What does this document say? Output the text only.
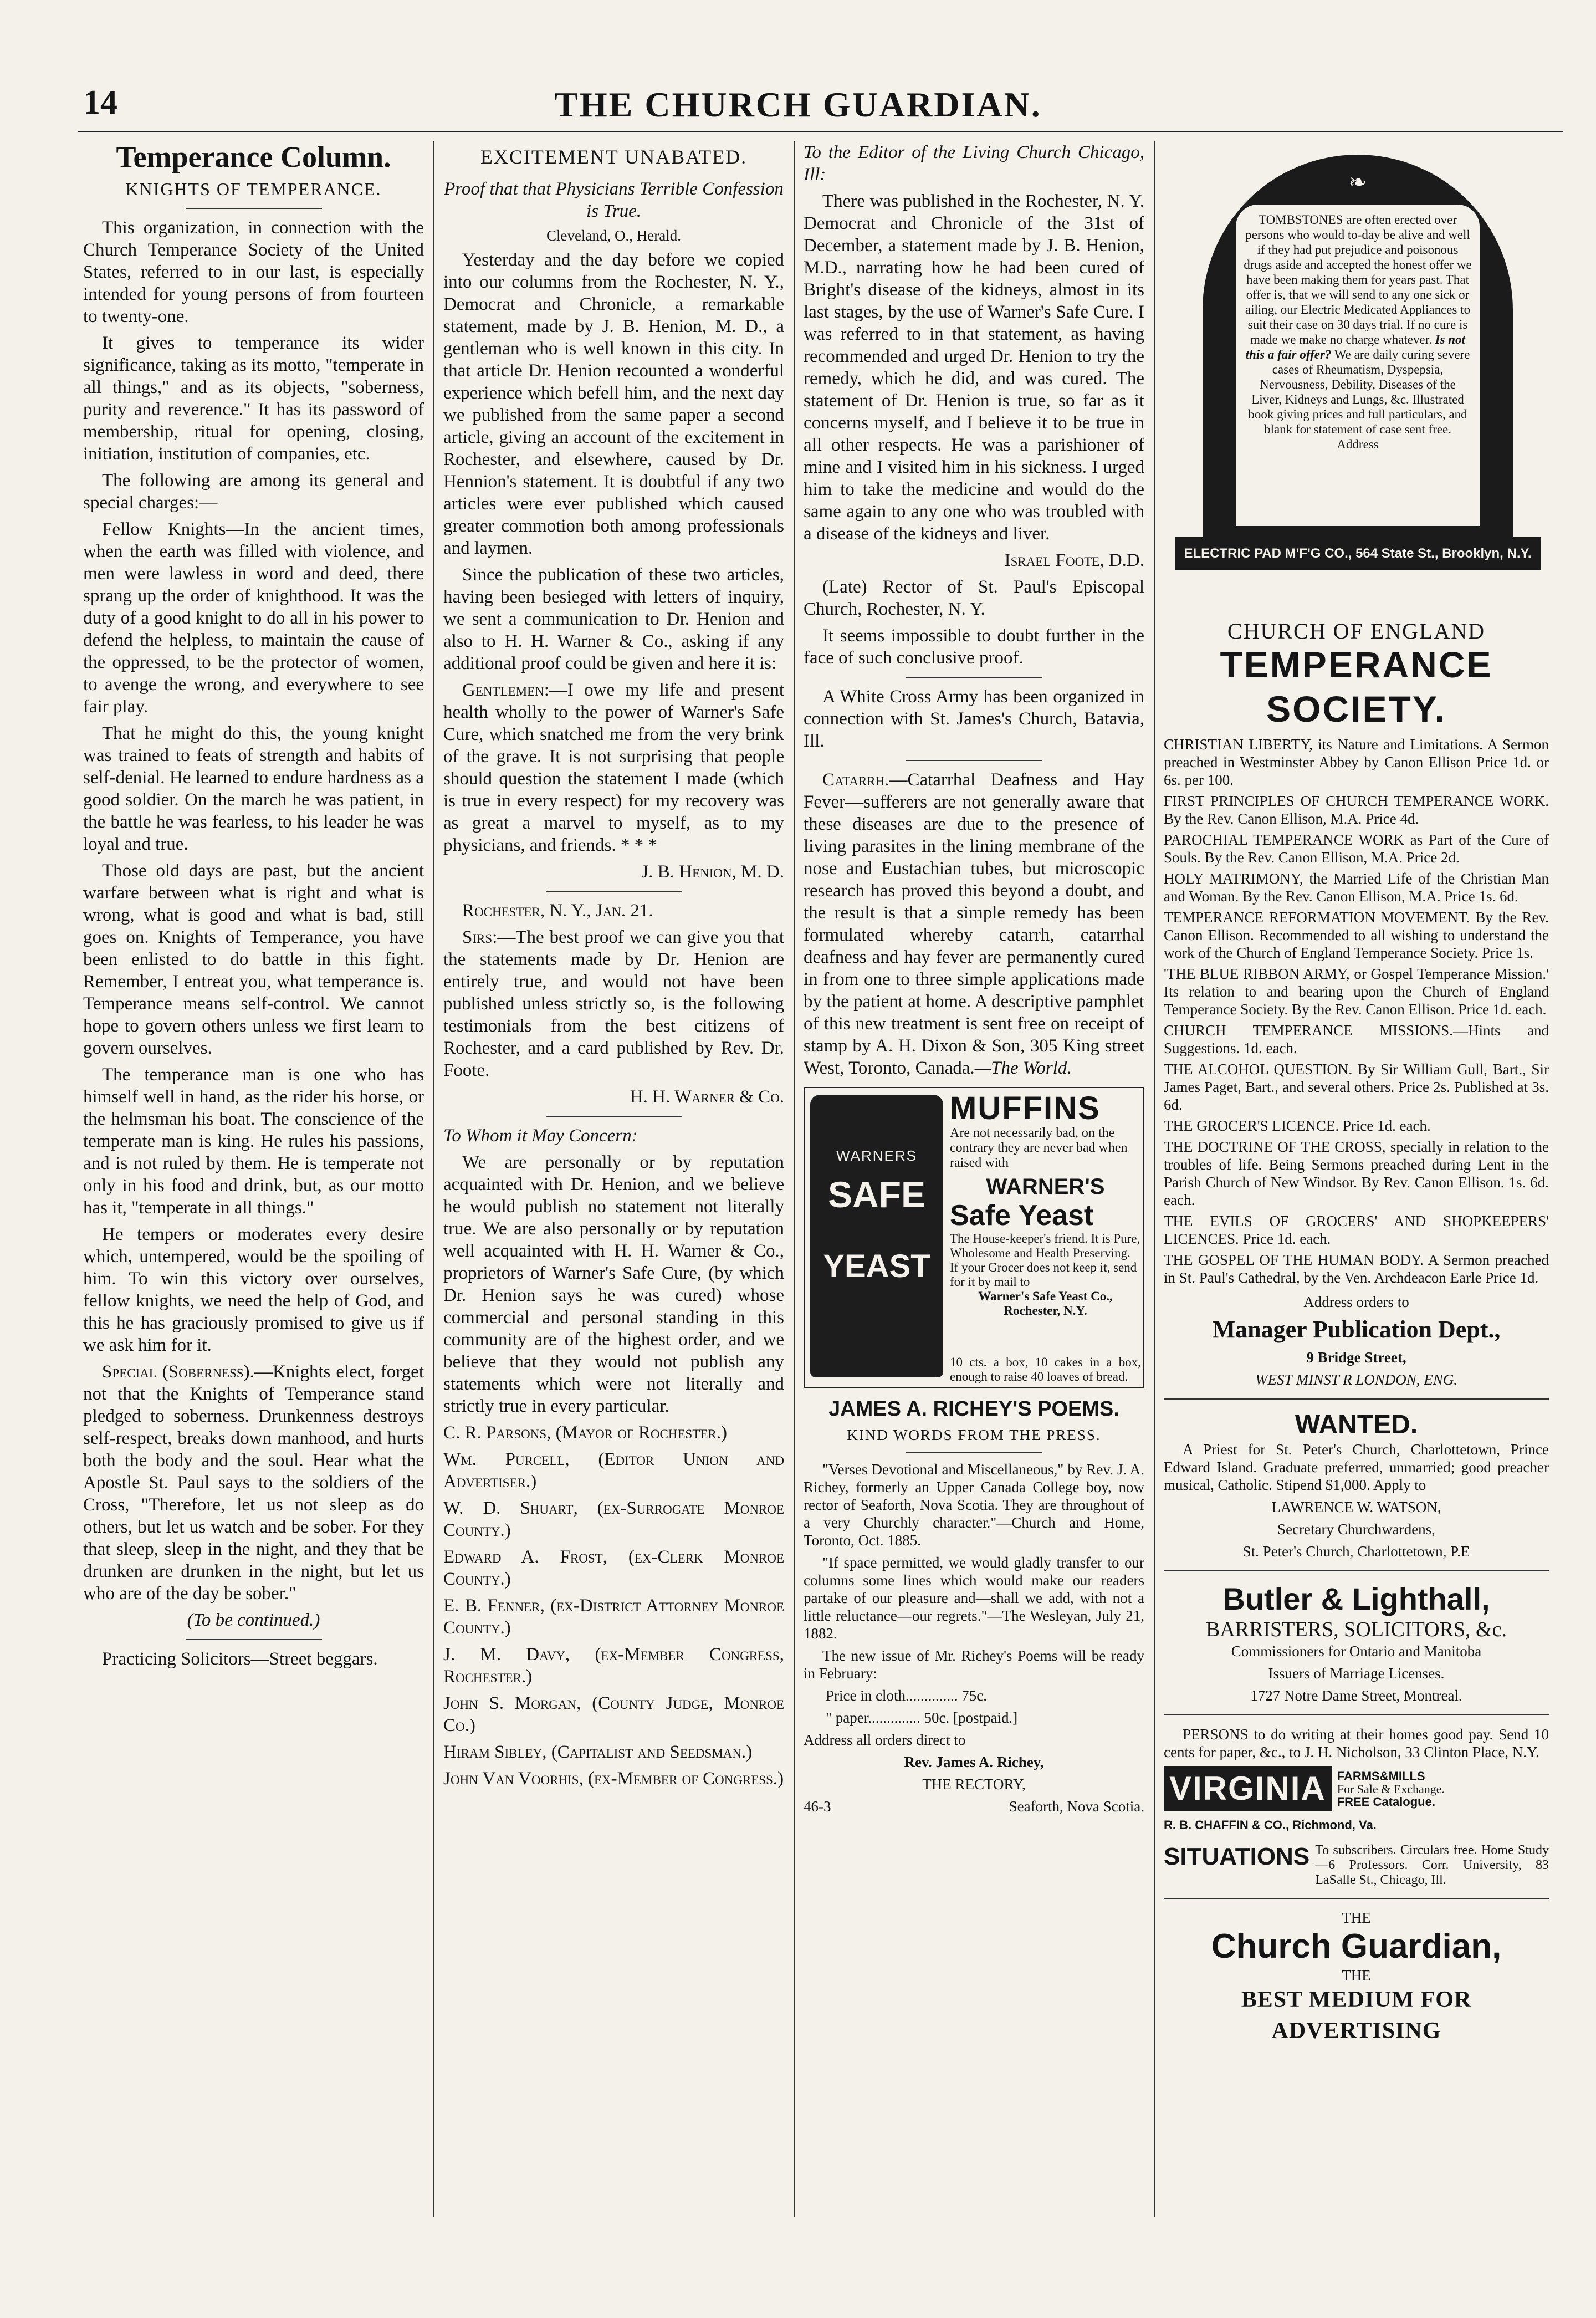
14	THE CHURCH GUARDIAN.
Temperance Column.
KNIGHTS OF TEMPERANCE.

This organization, in connection with the Church Temperance Society of the United States, referred to in our last, is especially intended for young persons of from fourteen to twenty-one.

It gives to temperance its wider significance, taking as its motto, "temperate in all things," and as its objects, "soberness, purity and reverence." It has its password of membership, ritual for opening, closing, initiation, institution of companies, etc.

The following are among its general and special charges:—

Fellow Knights—In the ancient times, when the earth was filled with violence, and men were lawless in word and deed, there sprang up the order of knighthood. It was the duty of a good knight to do all in his power to defend the helpless, to maintain the cause of the oppressed, to be the protector of women, to avenge the wrong, and everywhere to see fair play.

That he might do this, the young knight was trained to feats of strength and habits of self-denial. He learned to endure hardness as a good soldier. On the march he was patient, in the battle he was fearless, to his leader he was loyal and true.

Those old days are past, but the ancient warfare between what is right and what is wrong, what is good and what is bad, still goes on. Knights of Temperance, you have been enlisted to do battle in this fight. Remember, I entreat you, what temperance is. Temperance means self-control. We cannot hope to govern others unless we first learn to govern ourselves.

The temperance man is one who has himself well in hand, as the rider his horse, or the helmsman his boat. The conscience of the temperate man is king. He rules his passions, and is not ruled by them. He is temperate not only in his food and drink, but, as our motto has it, "temperate in all things."

He tempers or moderates every desire which, untempered, would be the spoiling of him. To win this victory over ourselves, fellow knights, we need the help of God, and this he has graciously promised to give us if we ask him for it.

Special (Soberness).—Knights elect, forget not that the Knights of Temperance stand pledged to soberness. Drunkenness destroys self-respect, breaks down manhood, and hurts both the body and the soul. Hear what the Apostle St. Paul says to the soldiers of the Cross, "Therefore, let us not sleep as do others, but let us watch and be sober. For they that sleep, sleep in the night, and they that be drunken are drunken in the night, but let us who are of the day be sober."

(To be continued.)

Practicing Solicitors—Street beggars.

EXCITEMENT UNABATED.

Proof that that Physicians Terrible Confession is True.

Cleveland, O., Herald.

Yesterday and the day before we copied into our columns from the Rochester, N. Y., Democrat and Chronicle, a remarkable statement, made by J. B. Henion, M. D., a gentleman who is well known in this city. In that article Dr. Henion recounted a wonderful experience which befell him, and the next day we published from the same paper a second article, giving an account of the excitement in Rochester, and elsewhere, caused by Dr. Hennion's statement. It is doubtful if any two articles were ever published which caused greater commotion both among professionals and laymen.

Since the publication of these two articles, having been besieged with letters of inquiry, we sent a communication to Dr. Henion and also to H. H. Warner & Co., asking if any additional proof could be given and here it is:

Gentlemen:—I owe my life and present health wholly to the power of Warner's Safe Cure, which snatched me from the very brink of the grave. It is not surprising that people should question the statement I made (which is true in every respect) for my recovery was as great a marvel to myself, as to my physicians, and friends. * * *

J. B. Henion, M. D.

Rochester, N. Y., Jan. 21.

Sirs:—The best proof we can give you that the statements made by Dr. Henion are entirely true, and would not have been published unless strictly so, is the following testimonials from the best citizens of Rochester, and a card published by Rev. Dr. Foote.

H. H. Warner & Co.

To Whom it May Concern:

We are personally or by reputation acquainted with Dr. Henion, and we believe he would publish no statement not literally true. We are also personally or by reputation well acquainted with H. H. Warner & Co., proprietors of Warner's Safe Cure, (by which Dr. Henion says he was cured) whose commercial and personal standing in this community are of the highest order, and we believe that they would not publish any statements which were not literally and strictly true in every particular.

C. R. Parsons, (Mayor of Rochester.)

Wm. Purcell, (Editor Union and Advertiser.)

W. D. Shuart, (ex-Surrogate Monroe County.)

Edward A. Frost, (ex-Clerk Monroe County.)

E. B. Fenner, (ex-District Attorney Monroe County.)

J. M. Davy, (ex-Member Congress, Rochester.)

John S. Morgan, (County Judge, Monroe Co.)

Hiram Sibley, (Capitalist and Seedsman.)

John Van Voorhis, (ex-Member of Congress.)

To the Editor of the Living Church Chicago, Ill:

There was published in the Rochester, N. Y. Democrat and Chronicle of the 31st of December, a statement made by J. B. Henion, M.D., narrating how he had been cured of Bright's disease of the kidneys, almost in its last stages, by the use of Warner's Safe Cure. I was referred to in that statement, as having recommended and urged Dr. Henion to try the remedy, which he did, and was cured. The statement of Dr. Henion is true, so far as it concerns myself, and I believe it to be true in all other respects. He was a parishioner of mine and I visited him in his sickness. I urged him to take the medicine and would do the same again to any one who was troubled with a disease of the kidneys and liver.

Israel Foote, D.D.

(Late) Rector of St. Paul's Episcopal Church, Rochester, N. Y.

It seems impossible to doubt further in the face of such conclusive proof.

A White Cross Army has been organized in connection with St. James's Church, Batavia, Ill.

Catarrh.—Catarrhal Deafness and Hay Fever—sufferers are not generally aware that these diseases are due to the presence of living parasites in the lining membrane of the nose and Eustachian tubes, but microscopic research has proved this beyond a doubt, and the result is that a simple remedy has been formulated whereby catarrh, catarrhal deafness and hay fever are permanently cured in from one to three simple applications made by the patient at home. A descriptive pamphlet of this new treatment is sent free on receipt of stamp by A. H. Dixon & Son, 305 King street West, Toronto, Canada.—The World.

WARNERS
SAFE
YEAST
MUFFINS
Are not necessarily bad, on the contrary they are never bad when raised with
WARNER'S
Safe Yeast
The House-keeper's friend. It is Pure, Wholesome and Health Preserving. If your Grocer does not keep it, send for it by mail to
Warner's Safe Yeast Co., Rochester, N.Y.
10 cts. a box, 10 cakes in a box, enough to raise 40 loaves of bread.
JAMES A. RICHEY'S POEMS.
KIND WORDS FROM THE PRESS.

"Verses Devotional and Miscellaneous," by Rev. J. A. Richey, formerly an Upper Canada College boy, now rector of Seaforth, Nova Scotia. They are throughout of a very Churchly character."—Church and Home, Toronto, Oct. 1885.

"If space permitted, we would gladly transfer to our columns some lines which would make our readers partake of our pleasure and—shall we add, with not a little reluctance—our regrets."—The Wesleyan, July 21, 1882.

The new issue of Mr. Richey's Poems will be ready in February:

Price in cloth.............. 75c.

" paper.............. 50c. [postpaid.]

Address all orders direct to

Rev. James A. Richey,

THE RECTORY,

46-3	Seaforth, Nova Scotia.

❧
TOMBSTONES are often erected over persons who would to-day be alive and well if they had put prejudice and poisonous drugs aside and accepted the honest offer we have been making them for years past. That offer is, that we will send to any one sick or ailing, our Electric Medicated Appliances to suit their case on 30 days trial. If no cure is made we make no charge whatever. Is not this a fair offer? We are daily curing severe cases of Rheumatism, Dyspepsia, Nervousness, Debility, Diseases of the Liver, Kidneys and Lungs, &c. Illustrated book giving prices and full particulars, and blank for statement of case sent free. Address
ELECTRIC PAD M'F'G CO., 564 State St., Brooklyn, N.Y.
CHURCH OF ENGLAND
TEMPERANCE SOCIETY.

CHRISTIAN LIBERTY, its Nature and Limitations. A Sermon preached in Westminster Abbey by Canon Ellison Price 1d. or 6s. per 100.

FIRST PRINCIPLES OF CHURCH TEMPERANCE WORK. By the Rev. Canon Ellison, M.A. Price 4d.

PAROCHIAL TEMPERANCE WORK as Part of the Cure of Souls. By the Rev. Canon Ellison, M.A. Price 2d.

HOLY MATRIMONY, the Married Life of the Christian Man and Woman. By the Rev. Canon Ellison, M.A. Price 1s. 6d.

TEMPERANCE REFORMATION MOVEMENT. By the Rev. Canon Ellison. Recommended to all wishing to understand the work of the Church of England Temperance Society. Price 1s.

'THE BLUE RIBBON ARMY, or Gospel Temperance Mission.' Its relation to and bearing upon the Church of England Temperance Society. By the Rev. Canon Ellison. Price 1d. each.

CHURCH TEMPERANCE MISSIONS.—Hints and Suggestions. 1d. each.

THE ALCOHOL QUESTION. By Sir William Gull, Bart., Sir James Paget, Bart., and several others. Price 2s. Published at 3s. 6d.

THE GROCER'S LICENCE. Price 1d. each.

THE DOCTRINE OF THE CROSS, specially in relation to the troubles of life. Being Sermons preached during Lent in the Parish Church of New Windsor. By Rev. Canon Ellison. 1s. 6d. each.

THE EVILS OF GROCERS' AND SHOPKEEPERS' LICENCES. Price 1d. each.

THE GOSPEL OF THE HUMAN BODY. A Sermon preached in St. Paul's Cathedral, by the Ven. Archdeacon Earle Price 1d.

Address orders to

Manager Publication Dept.,

9 Bridge Street,

WEST MINST R LONDON, ENG.

WANTED.

A Priest for St. Peter's Church, Charlottetown, Prince Edward Island. Graduate preferred, unmarried; good preacher musical, Catholic. Stipend $1,000. Apply to

LAWRENCE W. WATSON,

Secretary Churchwardens,

St. Peter's Church, Charlottetown, P.E

Butler & Lighthall,
BARRISTERS, SOLICITORS, &c.

Commissioners for Ontario and Manitoba

Issuers of Marriage Licenses.

1727 Notre Dame Street, Montreal.

PERSONS to do writing at their homes good pay. Send 10 cents for paper, &c., to J. H. Nicholson, 33 Clinton Place, N.Y.

VIRGINIA FARMS&MILLS
For Sale & Exchange.
FREE Catalogue.
R. B. CHAFFIN & CO., Richmond, Va.
SITUATIONS To subscribers. Circulars free. Home Study—6 Professors. Corr. University, 83 LaSalle St., Chicago, Ill.
THE
Church Guardian,
THE
BEST MEDIUM FOR ADVERTISING
